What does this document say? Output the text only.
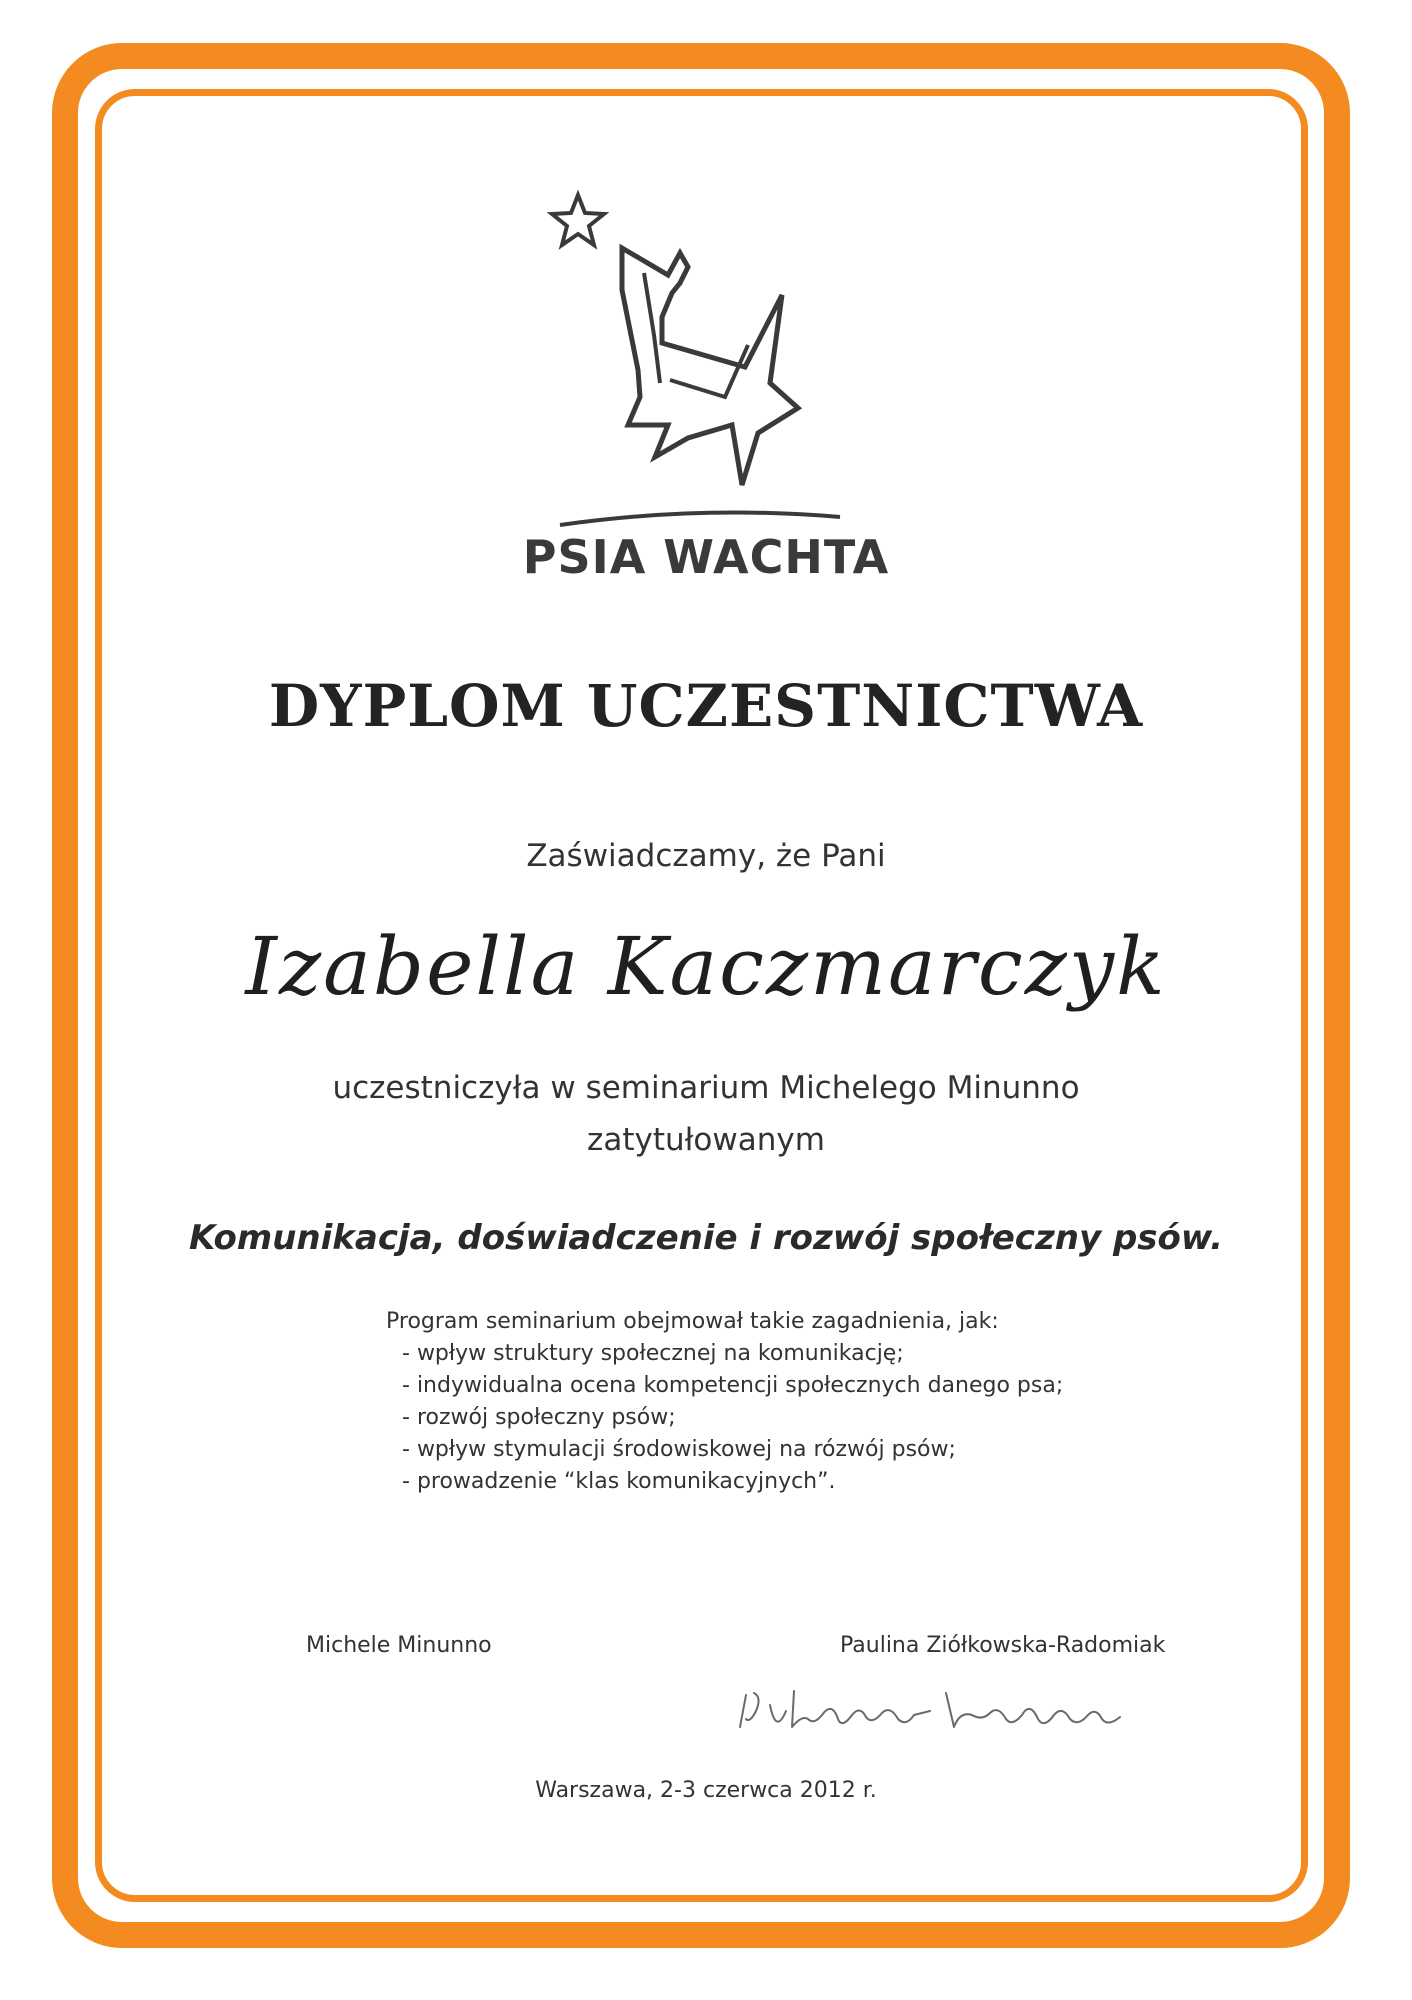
PSIA WACHTA
DYPLOM UCZESTNICTWA
Zaświadczamy, że Pani
Izabella Kaczmarczyk
uczestniczyła w seminarium Michelego Minunno
zatytułowanym
Komunikacja, doświadczenie i rozwój społeczny psów.
Program seminarium obejmował takie zagadnienia, jak:
- wpływ struktury społecznej na komunikację;
- indywidualna ocena kompetencji społecznych danego psa;
- rozwój społeczny psów;
- wpływ stymulacji środowiskowej na rózwój psów;
- prowadzenie “klas komunikacyjnych”.
Michele Minunno	Paulina Ziółkowska-Radomiak
Warszawa, 2-3 czerwca 2012 r.
